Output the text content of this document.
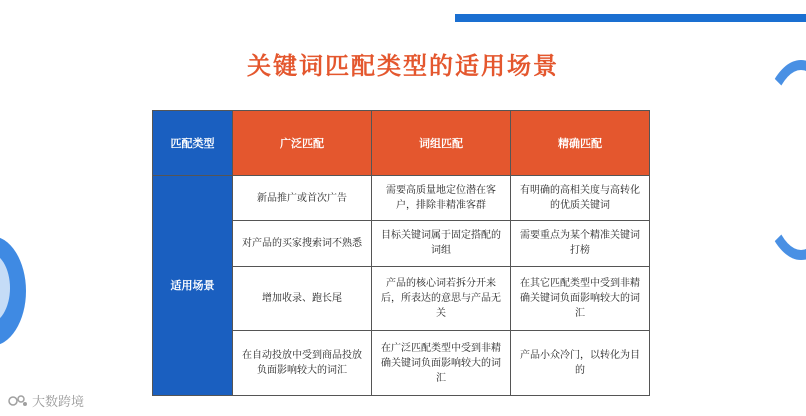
关键词匹配类型的适用场景
匹配类型	广泛匹配	词组匹配	精确匹配
适用场景	新品推广或首次广告	需要高质量地定位潜在客户，排除非精准客群	有明确的高相关度与高转化的优质关键词
	对产品的买家搜索词不熟悉	目标关键词属于固定搭配的词组	需要重点为某个精准关键词打榜
	增加收录、跑长尾	产品的核心词若拆分开来后，所表达的意思与产品无关	在其它匹配类型中受到非精确关键词负面影响较大的词汇
	在自动投放中受到商品投放负面影响较大的词汇	在广泛匹配类型中受到非精确关键词负面影响较大的词汇	产品小众冷门，以转化为目的
大数跨境
